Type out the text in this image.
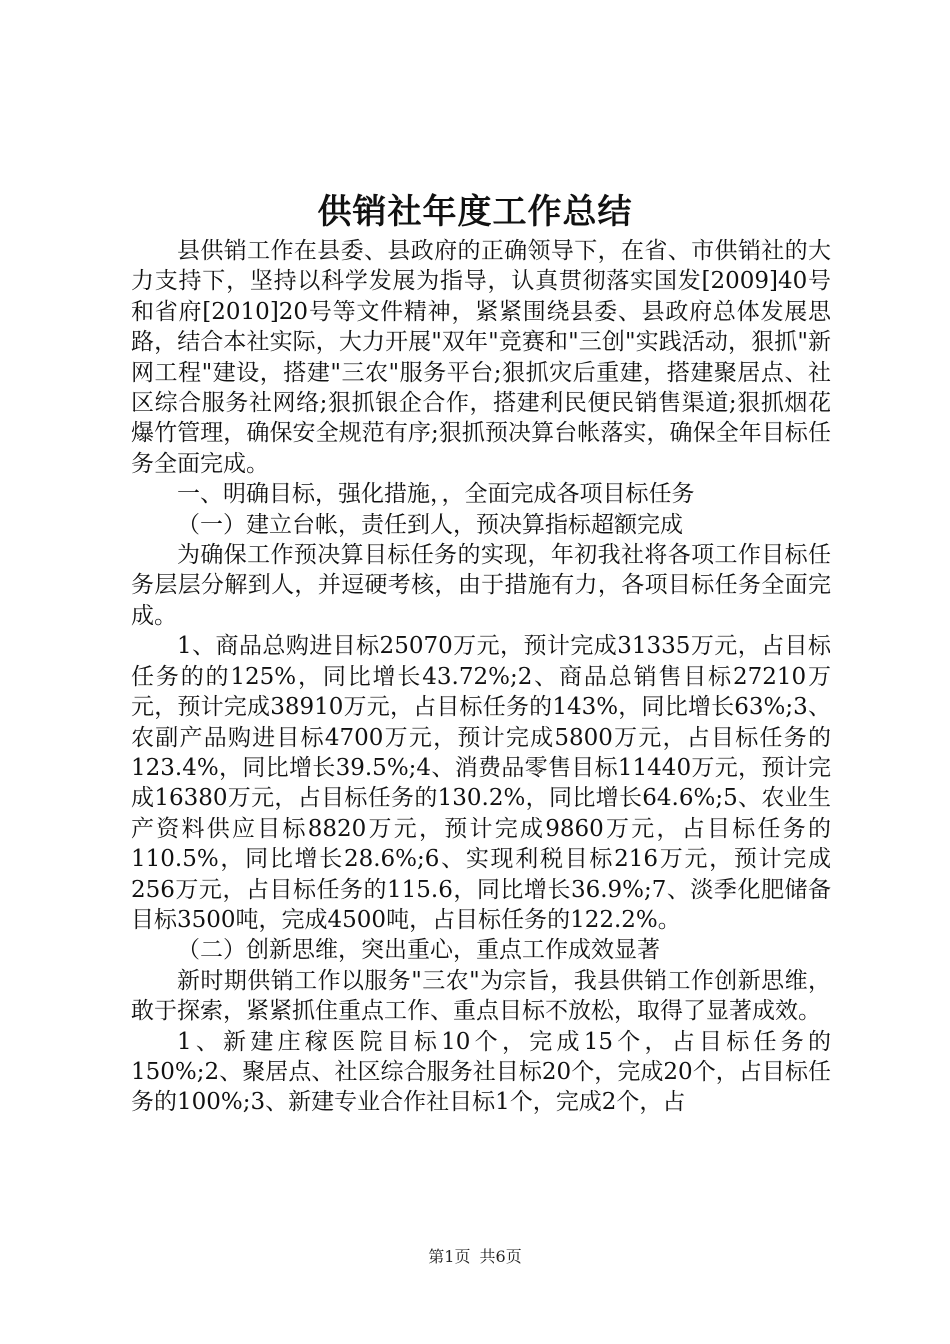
供销社年度工作总结

县供销工作在县委、县政府的正确领导下，在省、市供销社的大力支持下，坚持以科学发展为指导，认真贯彻落实国发[2009]40号和省府[2010]20号等文件精神，紧紧围绕县委、县政府总体发展思路，结合本社实际，大力开展"双年"竞赛和"三创"实践活动，狠抓"新网工程"建设，搭建"三农"服务平台;狠抓灾后重建，搭建聚居点、社区综合服务社网络;狠抓银企合作，搭建利民便民销售渠道;狠抓烟花爆竹管理，确保安全规范有序;狠抓预决算台帐落实，确保全年目标任务全面完成。

一、明确目标，强化措施，，全面完成各项目标任务

（一）建立台帐，责任到人，预决算指标超额完成

为确保工作预决算目标任务的实现，年初我社将各项工作目标任务层层分解到人，并逗硬考核，由于措施有力，各项目标任务全面完成。

1、商品总购进目标25070万元，预计完成31335万元，占目标任务的的125%，同比增长43.72%;2、商品总销售目标27210万元，预计完成38910万元，占目标任务的143%，同比增长63%;3、农副产品购进目标4700万元，预计完成5800万元，占目标任务的123.4%，同比增长39.5%;4、消费品零售目标11440万元，预计完成16380万元，占目标任务的130.2%，同比增长64.6%;5、农业生产资料供应目标8820万元，预计完成9860万元，占目标任务的110.5%，同比增长28.6%;6、实现利税目标216万元，预计完成256万元，占目标任务的115.6，同比增长36.9%;7、淡季化肥储备目标3500吨，完成4500吨，占目标任务的122.2%。

（二）创新思维，突出重心，重点工作成效显著

新时期供销工作以服务"三农"为宗旨，我县供销工作创新思维，敢于探索，紧紧抓住重点工作、重点目标不放松，取得了显著成效。

1、新建庄稼医院目标10个，完成15个，占目标任务的150%;2、聚居点、社区综合服务社目标20个，完成20个，占目标任务的100%;3、新建专业合作社目标1个，完成2个，占

第1页 共6页
